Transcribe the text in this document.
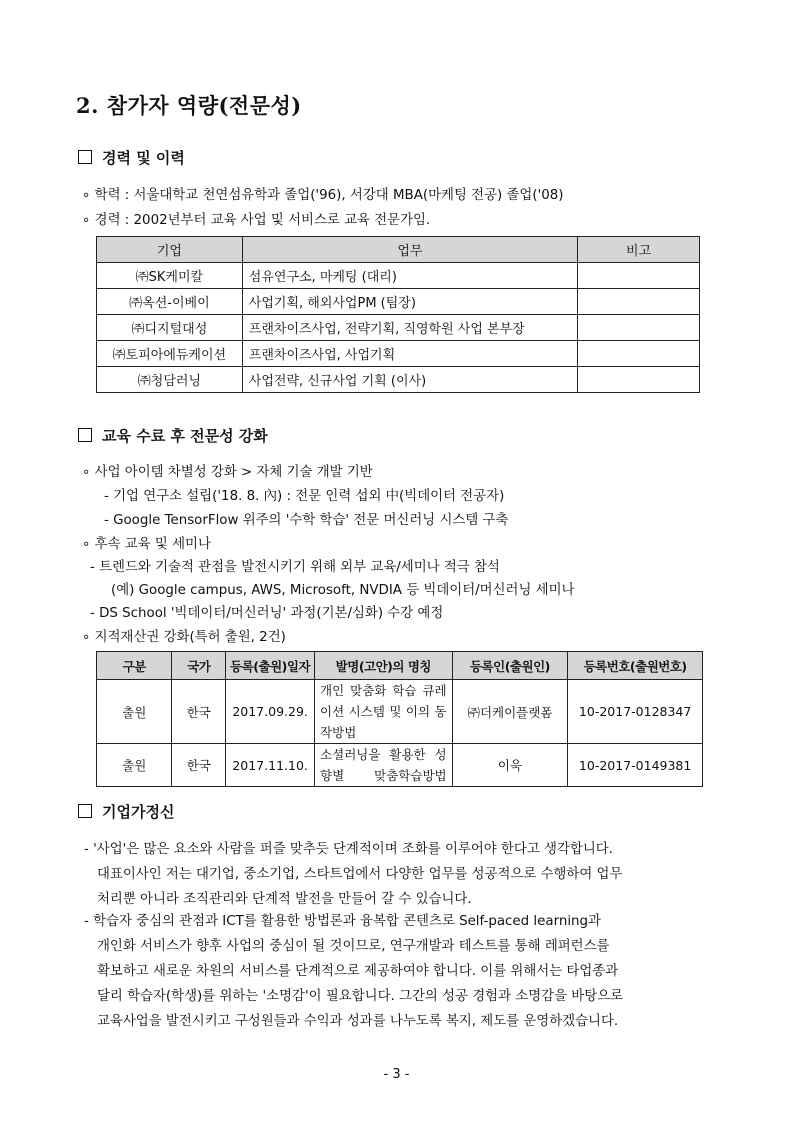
2. 참가자 역량(전문성)
경력 및 이력
∘ 학력 : 서울대학교 천연섬유학과 졸업('96), 서강대 MBA(마케팅 전공) 졸업('08)
∘ 경력 : 2002년부터 교육 사업 및 서비스로 교육 전문가임.
기업	업무	비고
㈜SK케미칼	섬유연구소, 마케팅 (대리)	
㈜옥션-이베이	사업기획, 해외사업PM (팀장)	
㈜디지털대성	프랜차이즈사업, 전략기획, 직영학원 사업 본부장	
㈜토피아에듀케이션	프랜차이즈사업, 사업기획	
㈜청담러닝	사업전략, 신규사업 기획 (이사)	
교육 수료 후 전문성 강화
∘ 사업 아이템 차별성 강화 > 자체 기술 개발 기반
- 기업 연구소 설립('18. 8. 內) : 전문 인력 섭외 中(빅데이터 전공자)
- Google TensorFlow 위주의 '수학 학습' 전문 머신러닝 시스템 구축
∘ 후속 교육 및 세미나
- 트렌드와 기술적 관점을 발전시키기 위해 외부 교육/세미나 적극 참석
(예) Google campus, AWS, Microsoft, NVDIA 등 빅데이터/머신러닝 세미나
- DS School '빅데이터/머신러닝' 과정(기본/심화) 수강 예정
∘ 지적재산권 강화(특허 출원, 2건)
구분	국가	등록(출원)일자	발명(고안)의 명칭	등록인(출원인)	등록번호(출원번호)
출원	한국	2017.09.29.	개인 맞춤화 학습 큐레이션 시스템 및 이의 동작방법	㈜더케이플랫폼	10-2017-0128347
출원	한국	2017.11.10.	소셜러닝을 활용한 성향별 맞춤학습방법	이욱	10-2017-0149381
기업가정신
- '사업'은 많은 요소와 사람을 퍼즐 맞추듯 단계적이며 조화를 이루어야 한다고 생각합니다.
대표이사인 저는 대기업, 중소기업, 스타트업에서 다양한 업무를 성공적으로 수행하여 업무
처리뿐 아니라 조직관리와 단계적 발전을 만들어 갈 수 있습니다.
- 학습자 중심의 관점과 ICT를 활용한 방법론과 융복합 콘텐츠로 Self-paced learning과
개인화 서비스가 향후 사업의 중심이 될 것이므로, 연구개발과 테스트를 통해 레퍼런스를
확보하고 새로운 차원의 서비스를 단계적으로 제공하여야 합니다. 이를 위해서는 타업종과
달리 학습자(학생)를 위하는 '소명감'이 필요합니다. 그간의 성공 경험과 소명감을 바탕으로
교육사업을 발전시키고 구성원들과 수익과 성과를 나누도록 복지, 제도를 운영하겠습니다.
- 3 -
